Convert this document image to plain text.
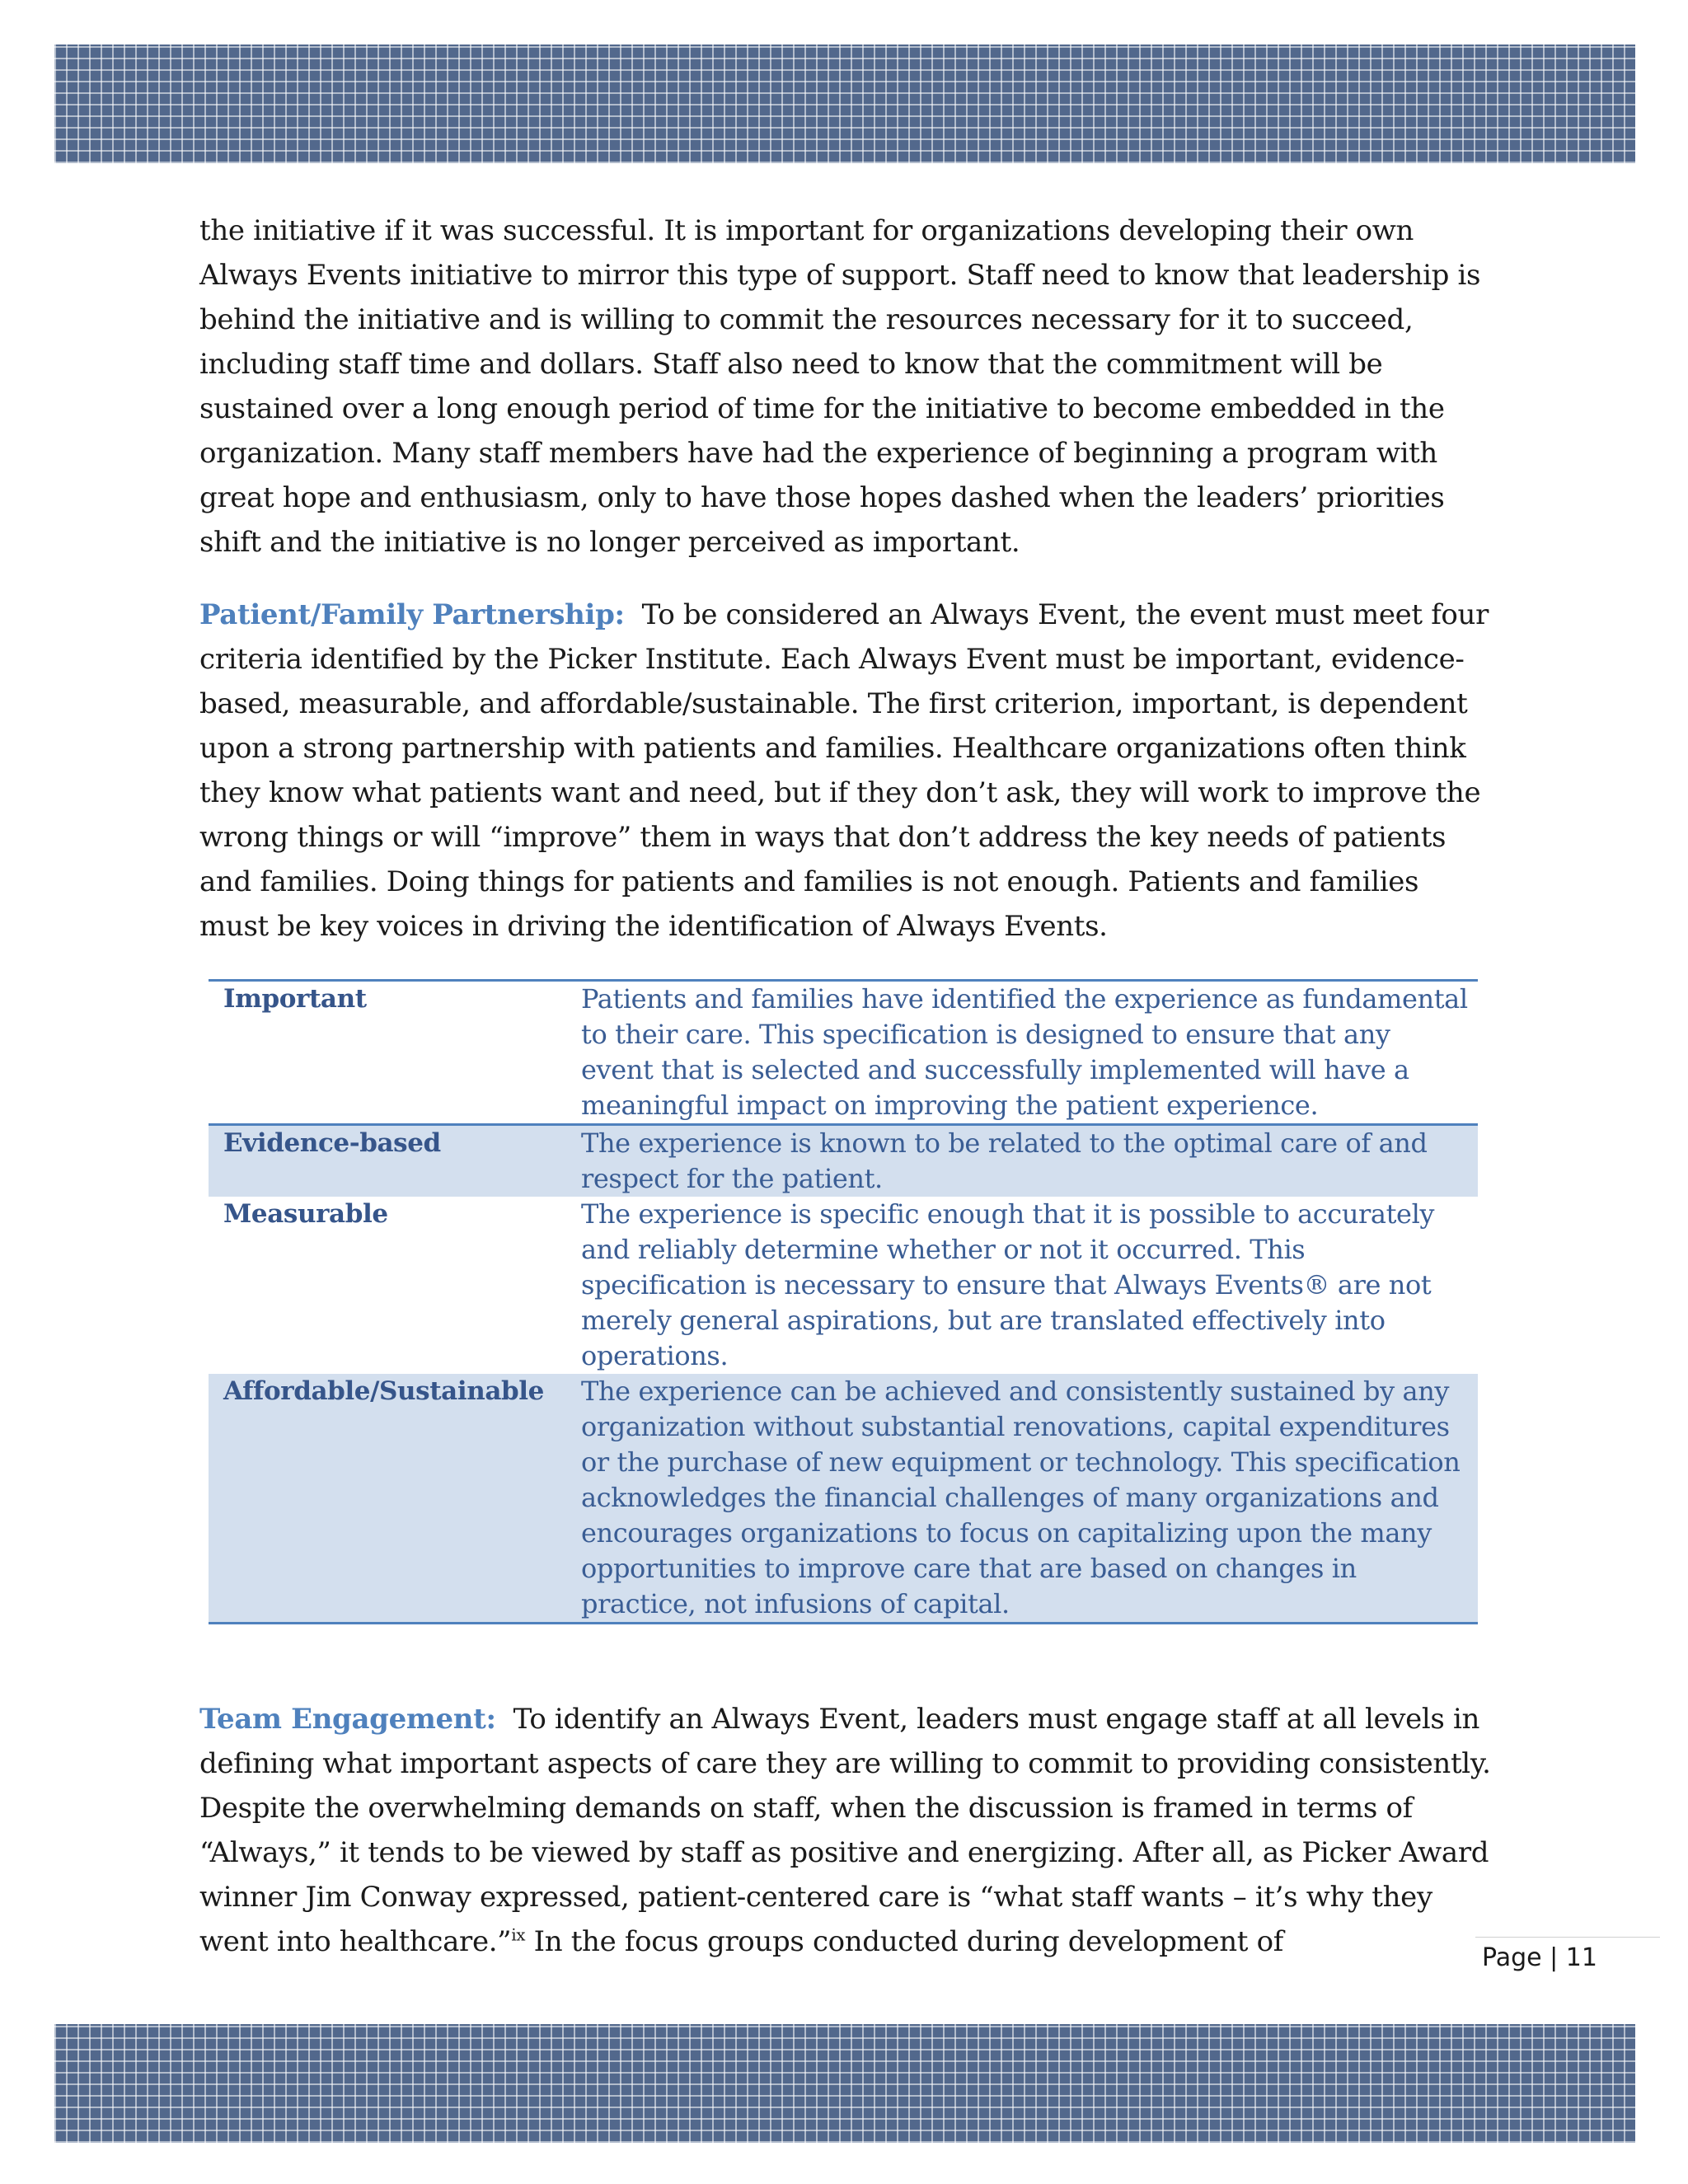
the initiative if it was successful. It is important for organizations developing their own Always Events initiative to mirror this type of support. Staff need to know that leadership is behind the initiative and is willing to commit the resources necessary for it to succeed, including staff time and dollars. Staff also need to know that the commitment will be sustained over a long enough period of time for the initiative to become embedded in the organization. Many staff members have had the experience of beginning a program with great hope and enthusiasm, only to have those hopes dashed when the leaders’ priorities shift and the initiative is no longer perceived as important.

Patient/Family Partnership: To be considered an Always Event, the event must meet four criteria identified by the Picker Institute. Each Always Event must be important, evidence-based, measurable, and affordable/sustainable. The first criterion, important, is dependent upon a strong partnership with patients and families. Healthcare organizations often think they know what patients want and need, but if they don’t ask, they will work to improve the wrong things or will “improve” them in ways that don’t address the key needs of patients and families. Doing things for patients and families is not enough. Patients and families must be key voices in driving the identification of Always Events.

Important	Patients and families have identified the experience as fundamental to their care. This specification is designed to ensure that any event that is selected and successfully implemented will have a meaningful impact on improving the patient experience.
Evidence-based	The experience is known to be related to the optimal care of and respect for the patient.
Measurable	The experience is specific enough that it is possible to accurately and reliably determine whether or not it occurred. This specification is necessary to ensure that Always Events® are not merely general aspirations, but are translated effectively into operations.
Affordable/Sustainable	The experience can be achieved and consistently sustained by any organization without substantial renovations, capital expenditures or the purchase of new equipment or technology. This specification acknowledges the financial challenges of many organizations and encourages organizations to focus on capitalizing upon the many opportunities to improve care that are based on changes in practice, not infusions of capital.

Team Engagement: To identify an Always Event, leaders must engage staff at all levels in defining what important aspects of care they are willing to commit to providing consistently. Despite the overwhelming demands on staff, when the discussion is framed in terms of “Always,” it tends to be viewed by staff as positive and energizing. After all, as Picker Award winner Jim Conway expressed, patient-centered care is “what staff wants – it’s why they went into healthcare.”$^{ix}$ In the focus groups conducted during development of	Page | 11
